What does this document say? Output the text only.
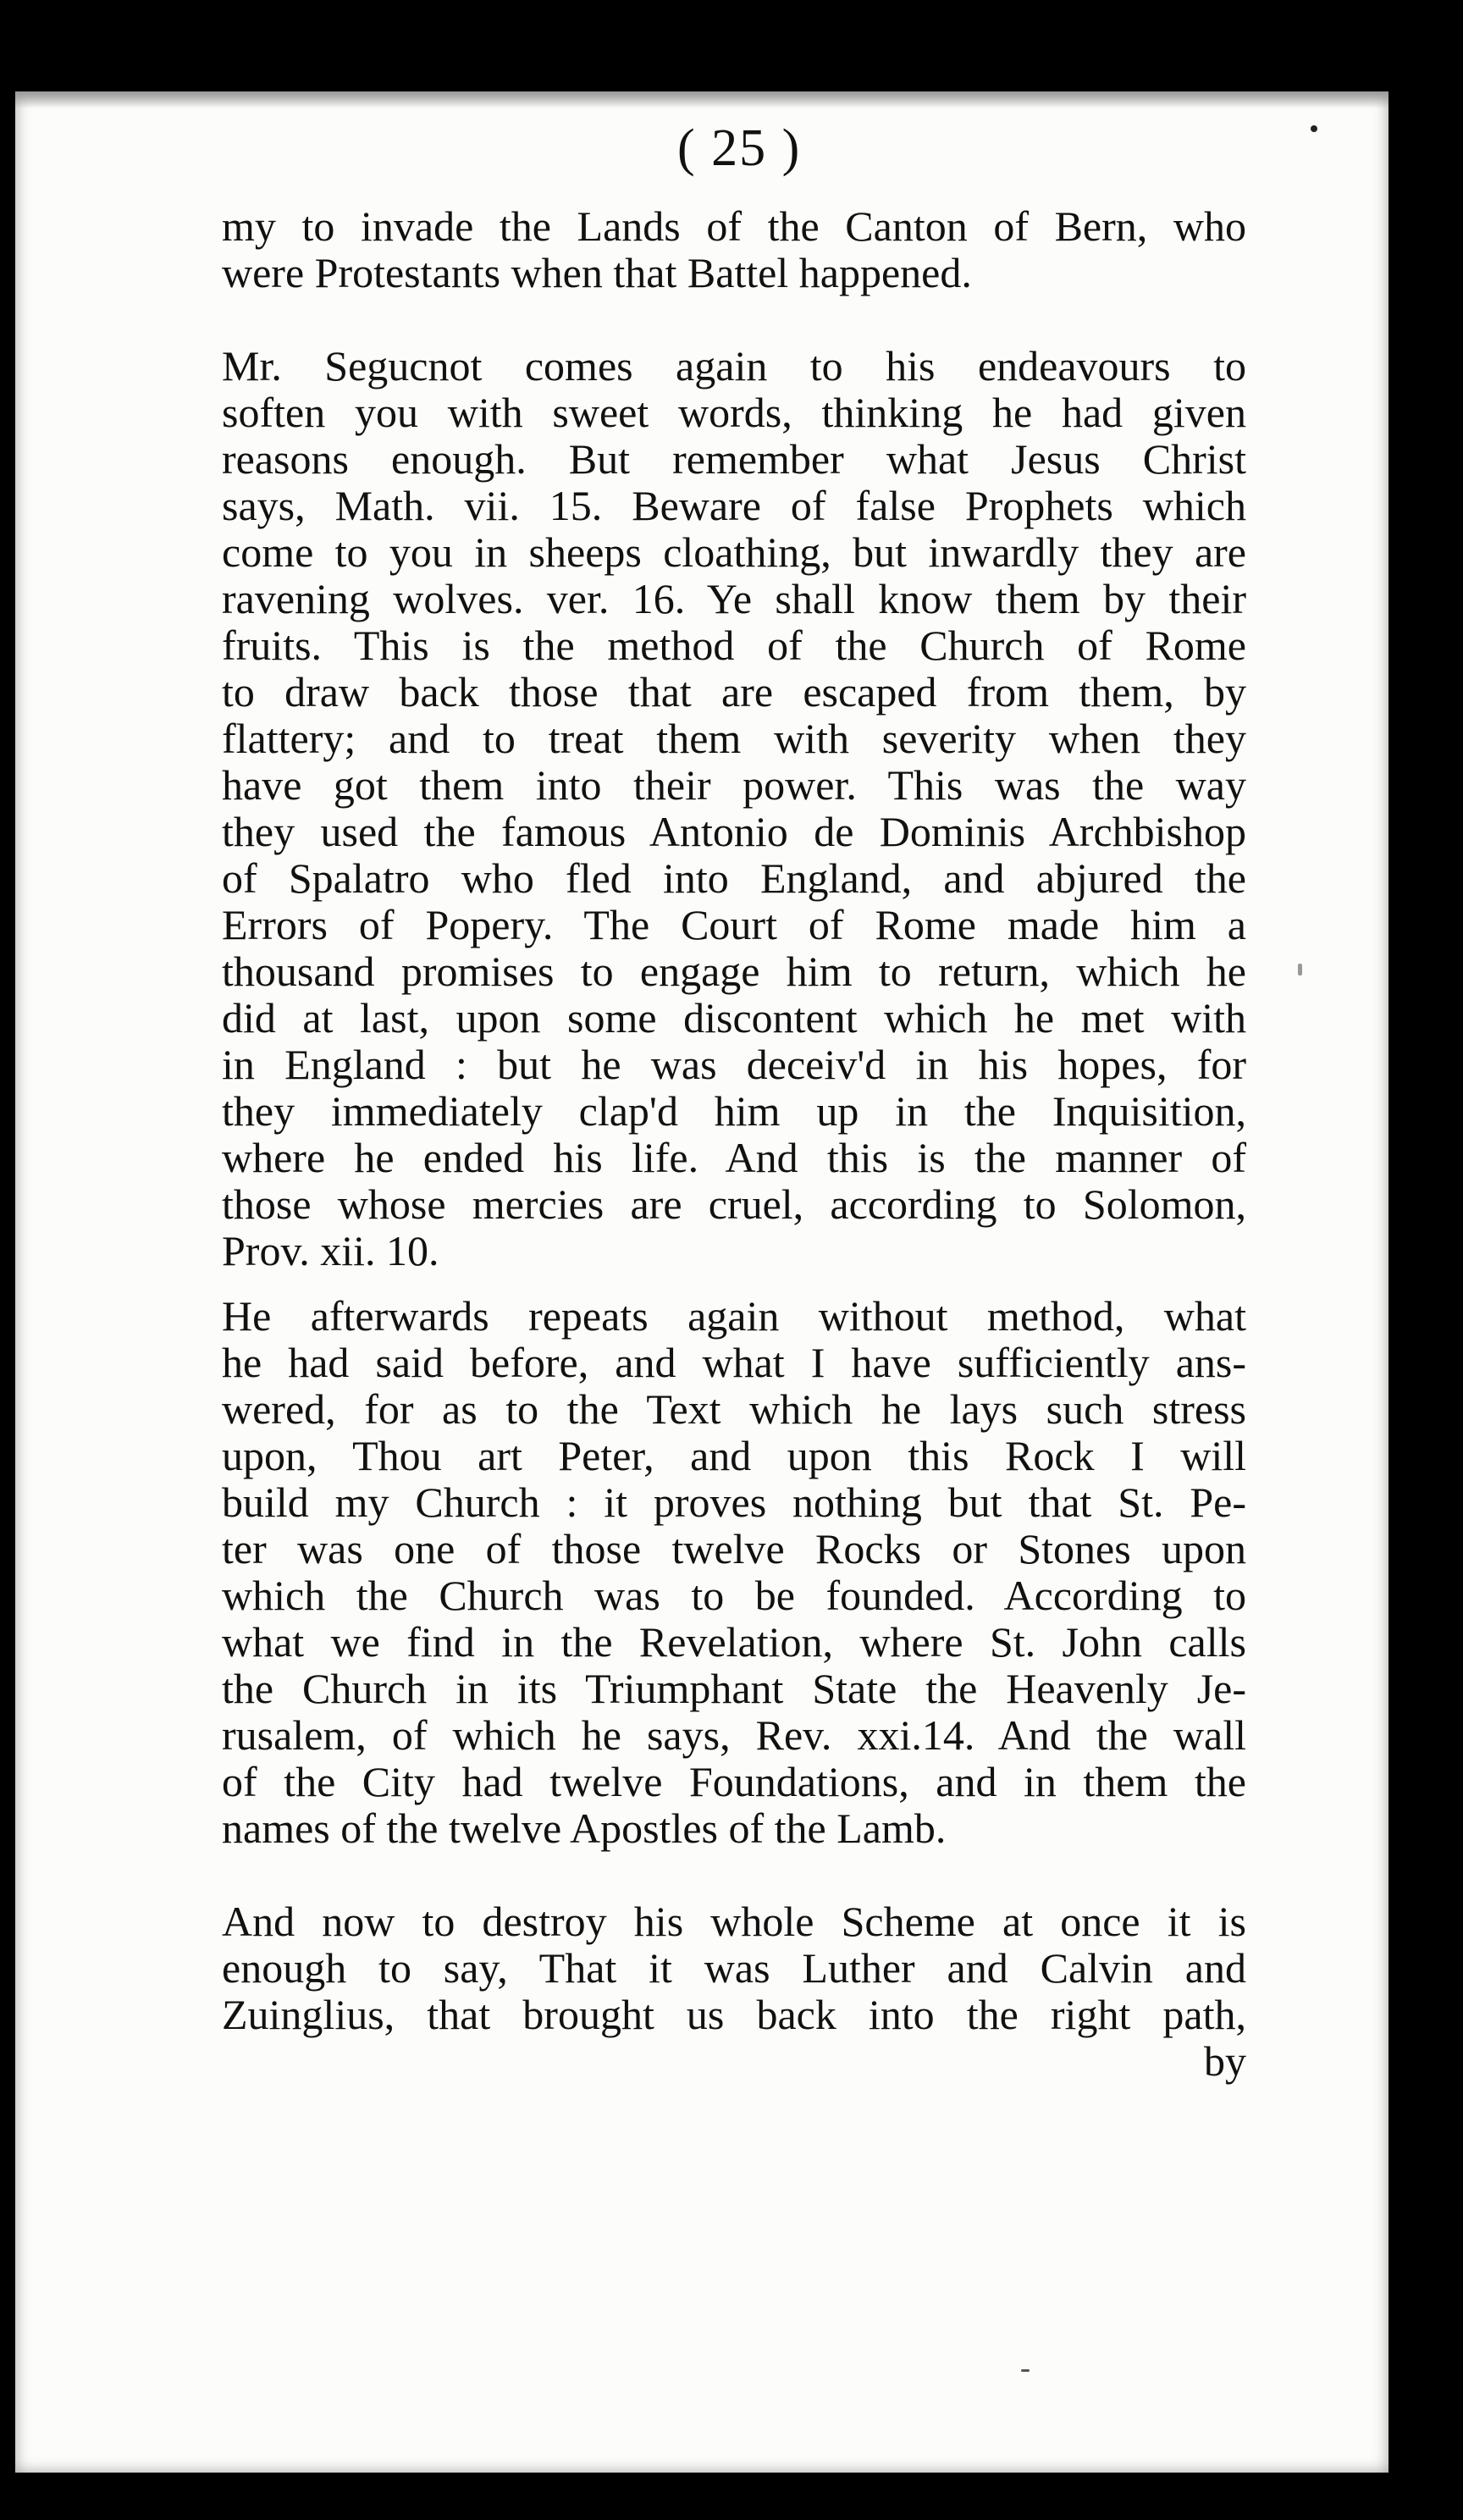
( 25 )
my to invade the Lands of the Canton of Bern, who
were Protestants when that Battel happened.
Mr. Segucnot comes again to his endeavours to
soften you with sweet words, thinking he had given
reasons enough. But remember what Jesus Christ
says, Math. vii. 15. Beware of false Prophets which
come to you in sheeps cloathing, but inwardly they are
ravening wolves. ver. 16. Ye shall know them by their
fruits. This is the method of the Church of Rome
to draw back those that are escaped from them, by
flattery; and to treat them with severity when they
have got them into their power. This was the way
they used the famous Antonio de Dominis Archbishop
of Spalatro who fled into England, and abjured the
Errors of Popery. The Court of Rome made him a
thousand promises to engage him to return, which he
did at last, upon some discontent which he met with
in England : but he was deceiv'd in his hopes, for
they immediately clap'd him up in the Inquisition,
where he ended his life. And this is the manner of
those whose mercies are cruel, according to Solomon,
Prov. xii. 10.
He afterwards repeats again without method, what
he had said before, and what I have sufficiently ans-
wered, for as to the Text which he lays such stress
upon, Thou art Peter, and upon this Rock I will
build my Church : it proves nothing but that St. Pe-
ter was one of those twelve Rocks or Stones upon
which the Church was to be founded. According to
what we find in the Revelation, where St. John calls
the Church in its Triumphant State the Heavenly Je-
rusalem, of which he says, Rev. xxi.14. And the wall
of the City had twelve Foundations, and in them the
names of the twelve Apostles of the Lamb.
And now to destroy his whole Scheme at once it is
enough to say, That it was Luther and Calvin and
Zuinglius, that brought us back into the right path,
by
